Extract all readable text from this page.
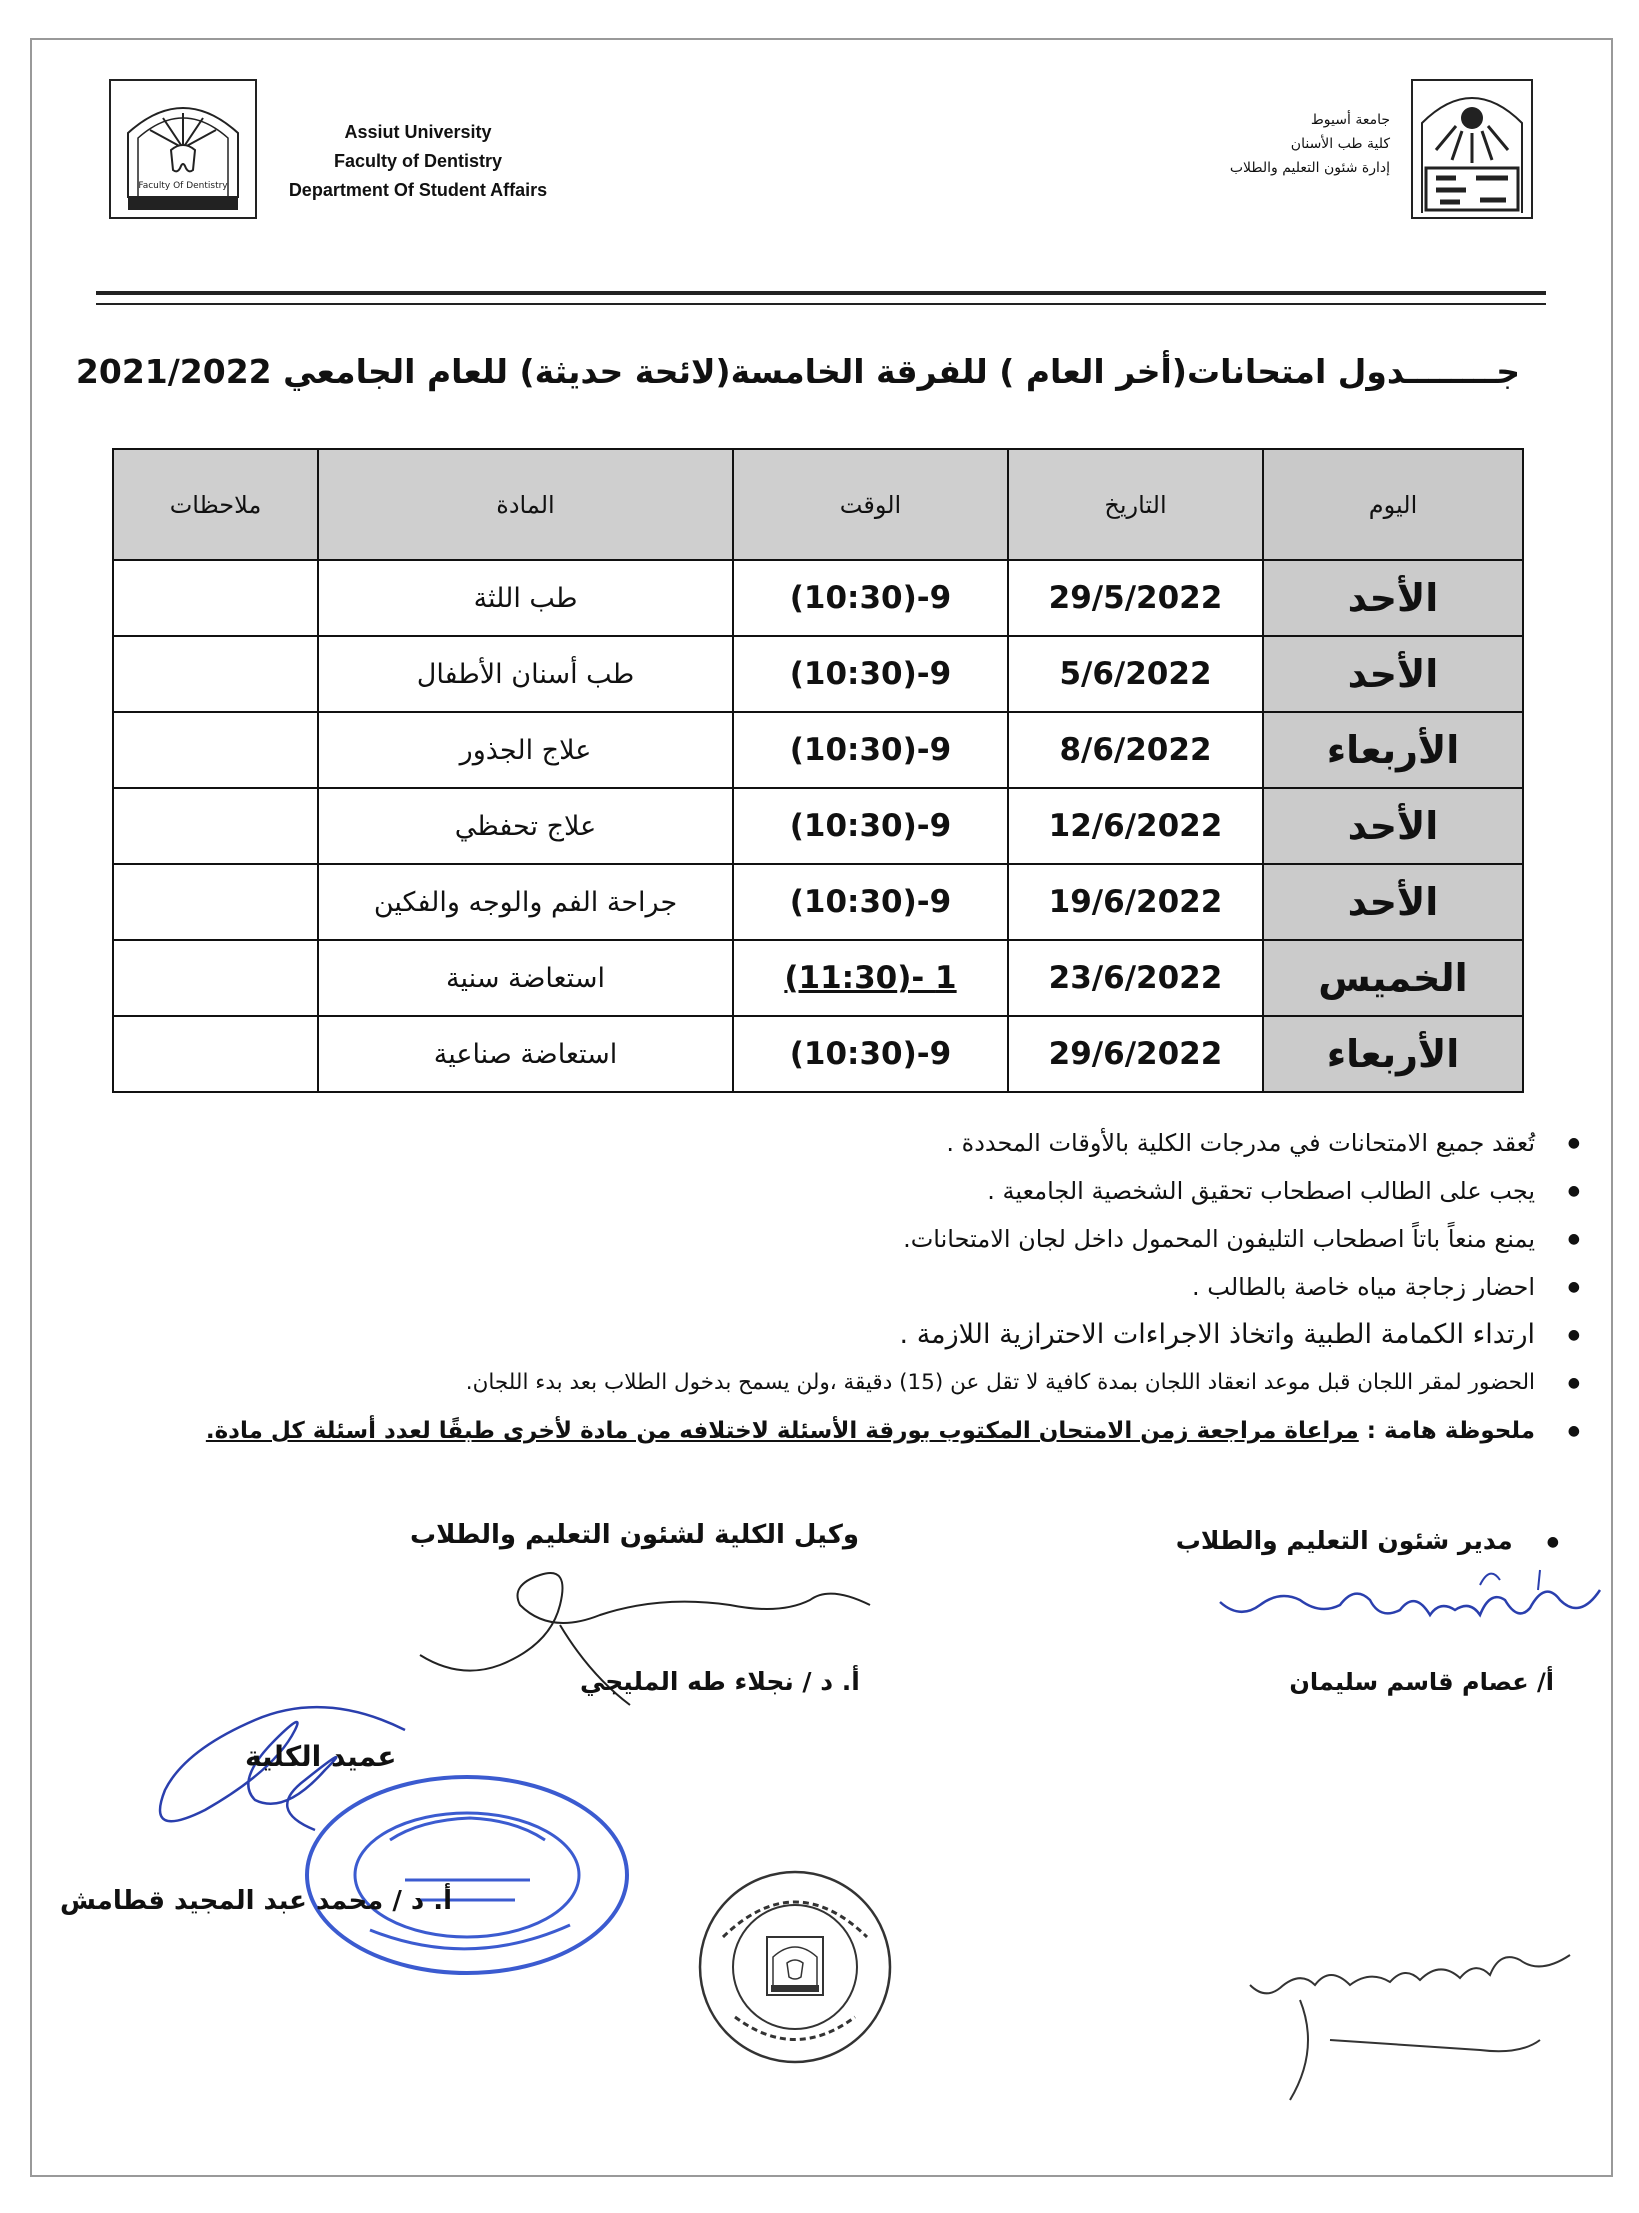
Faculty Of Dentistry
Assiut University
Faculty of Dentistry
Department Of Student Affairs
جامعة أسيوط
كلية طب الأسنان
إدارة شئون التعليم والطلاب
جــــــــدول امتحانات(أخر العام ) للفرقة الخامسة(لائحة حديثة) للعام الجامعي 2021/2022
اليوم	التاريخ	الوقت	المادة	ملاحظات
الأحد	29/5/2022	9-(10:30)	طب اللثة	
الأحد	5/6/2022	9-(10:30)	طب أسنان الأطفال	
الأربعاء	8/6/2022	9-(10:30)	علاج الجذور	
الأحد	12/6/2022	9-(10:30)	علاج تحفظي	
الأحد	19/6/2022	9-(10:30)	جراحة الفم والوجه والفكين	
الخميس	23/6/2022	1 -(11:30)	استعاضة سنية	
الأربعاء	29/6/2022	9-(10:30)	استعاضة صناعية	
● تُعقد جميع الامتحانات في مدرجات الكلية بالأوقات المحددة .
● يجب على الطالب اصطحاب تحقيق الشخصية الجامعية .
● يمنع منعاً باتاً اصطحاب التليفون المحمول داخل لجان الامتحانات.
● احضار زجاجة مياه خاصة بالطالب .
● ارتداء الكمامة الطبية واتخاذ الاجراءات الاحترازية اللازمة .
● الحضور لمقر اللجان قبل موعد انعقاد اللجان بمدة كافية لا تقل عن (15) دقيقة ،ولن يسمح بدخول الطلاب بعد بدء اللجان.
● ملحوظة هامة : مراعاة مراجعة زمن الامتحان المكتوب بورقة الأسئلة لاختلافه من مادة لأخرى طبقًا لعدد أسئلة كل مادة.
●مدير شئون التعليم والطلاب
أ/ عصام قاسم سليمان
وكيل الكلية لشئون التعليم والطلاب
أ. د / نجلاء طه المليجي
عميد الكلية
أ. د / محمد عبد المجيد قطامش
